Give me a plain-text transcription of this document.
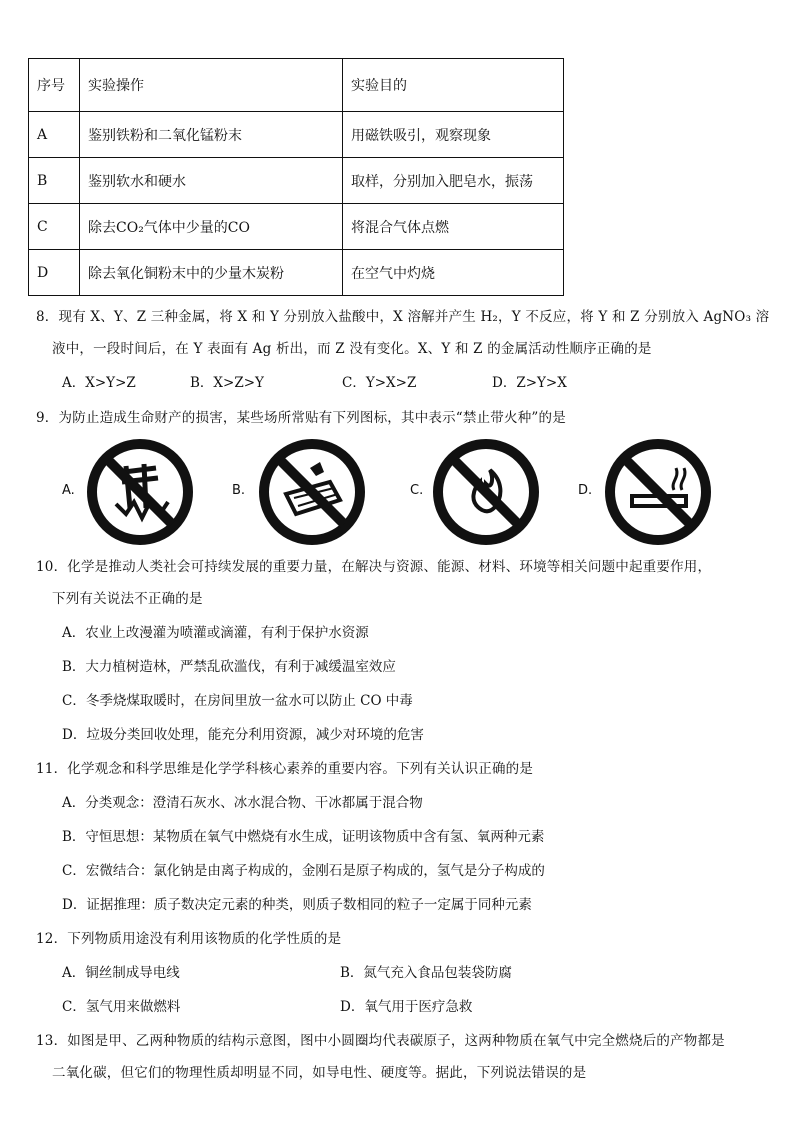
序号	实验操作	实验目的
A	鉴别铁粉和二氧化锰粉末	用磁铁吸引，观察现象
B	鉴别软水和硬水	取样，分别加入肥皂水，振荡
C	除去CO₂气体中少量的CO	将混合气体点燃
D	除去氧化铜粉末中的少量木炭粉	在空气中灼烧
8．现有 X、Y、Z 三种金属，将 X 和 Y 分别放入盐酸中，X 溶解并产生 H₂，Y 不反应，将 Y 和 Z 分别放入 AgNO₃ 溶
液中，一段时间后，在 Y 表面有 Ag 析出，而 Z 没有变化。X、Y 和 Z 的金属活动性顺序正确的是
A．X>Y>Z	B．X>Z>Y	C．Y>X>Z	D．Z>Y>X
9．为防止造成生命财产的损害，某些场所常贴有下列图标，其中表示“禁止带火种”的是
A.	B.	C.	D.
10．化学是推动人类社会可持续发展的重要力量，在解决与资源、能源、材料、环境等相关问题中起重要作用，
下列有关说法不正确的是
A．农业上改漫灌为喷灌或滴灌，有利于保护水资源
B．大力植树造林，严禁乱砍滥伐，有利于减缓温室效应
C．冬季烧煤取暖时，在房间里放一盆水可以防止 CO 中毒
D．垃圾分类回收处理，能充分利用资源，减少对环境的危害
11．化学观念和科学思维是化学学科核心素养的重要内容。下列有关认识正确的是
A．分类观念：澄清石灰水、冰水混合物、干冰都属于混合物
B．守恒思想：某物质在氧气中燃烧有水生成，证明该物质中含有氢、氧两种元素
C．宏微结合：氯化钠是由离子构成的，金刚石是原子构成的，氢气是分子构成的
D．证据推理：质子数决定元素的种类，则质子数相同的粒子一定属于同种元素
12．下列物质用途没有利用该物质的化学性质的是
A．铜丝制成导电线	B．氮气充入食品包装袋防腐
C．氢气用来做燃料	D．氧气用于医疗急救
13．如图是甲、乙两种物质的结构示意图，图中小圆圈均代表碳原子，这两种物质在氧气中完全燃烧后的产物都是
二氧化碳，但它们的物理性质却明显不同，如导电性、硬度等。据此，下列说法错误的是
